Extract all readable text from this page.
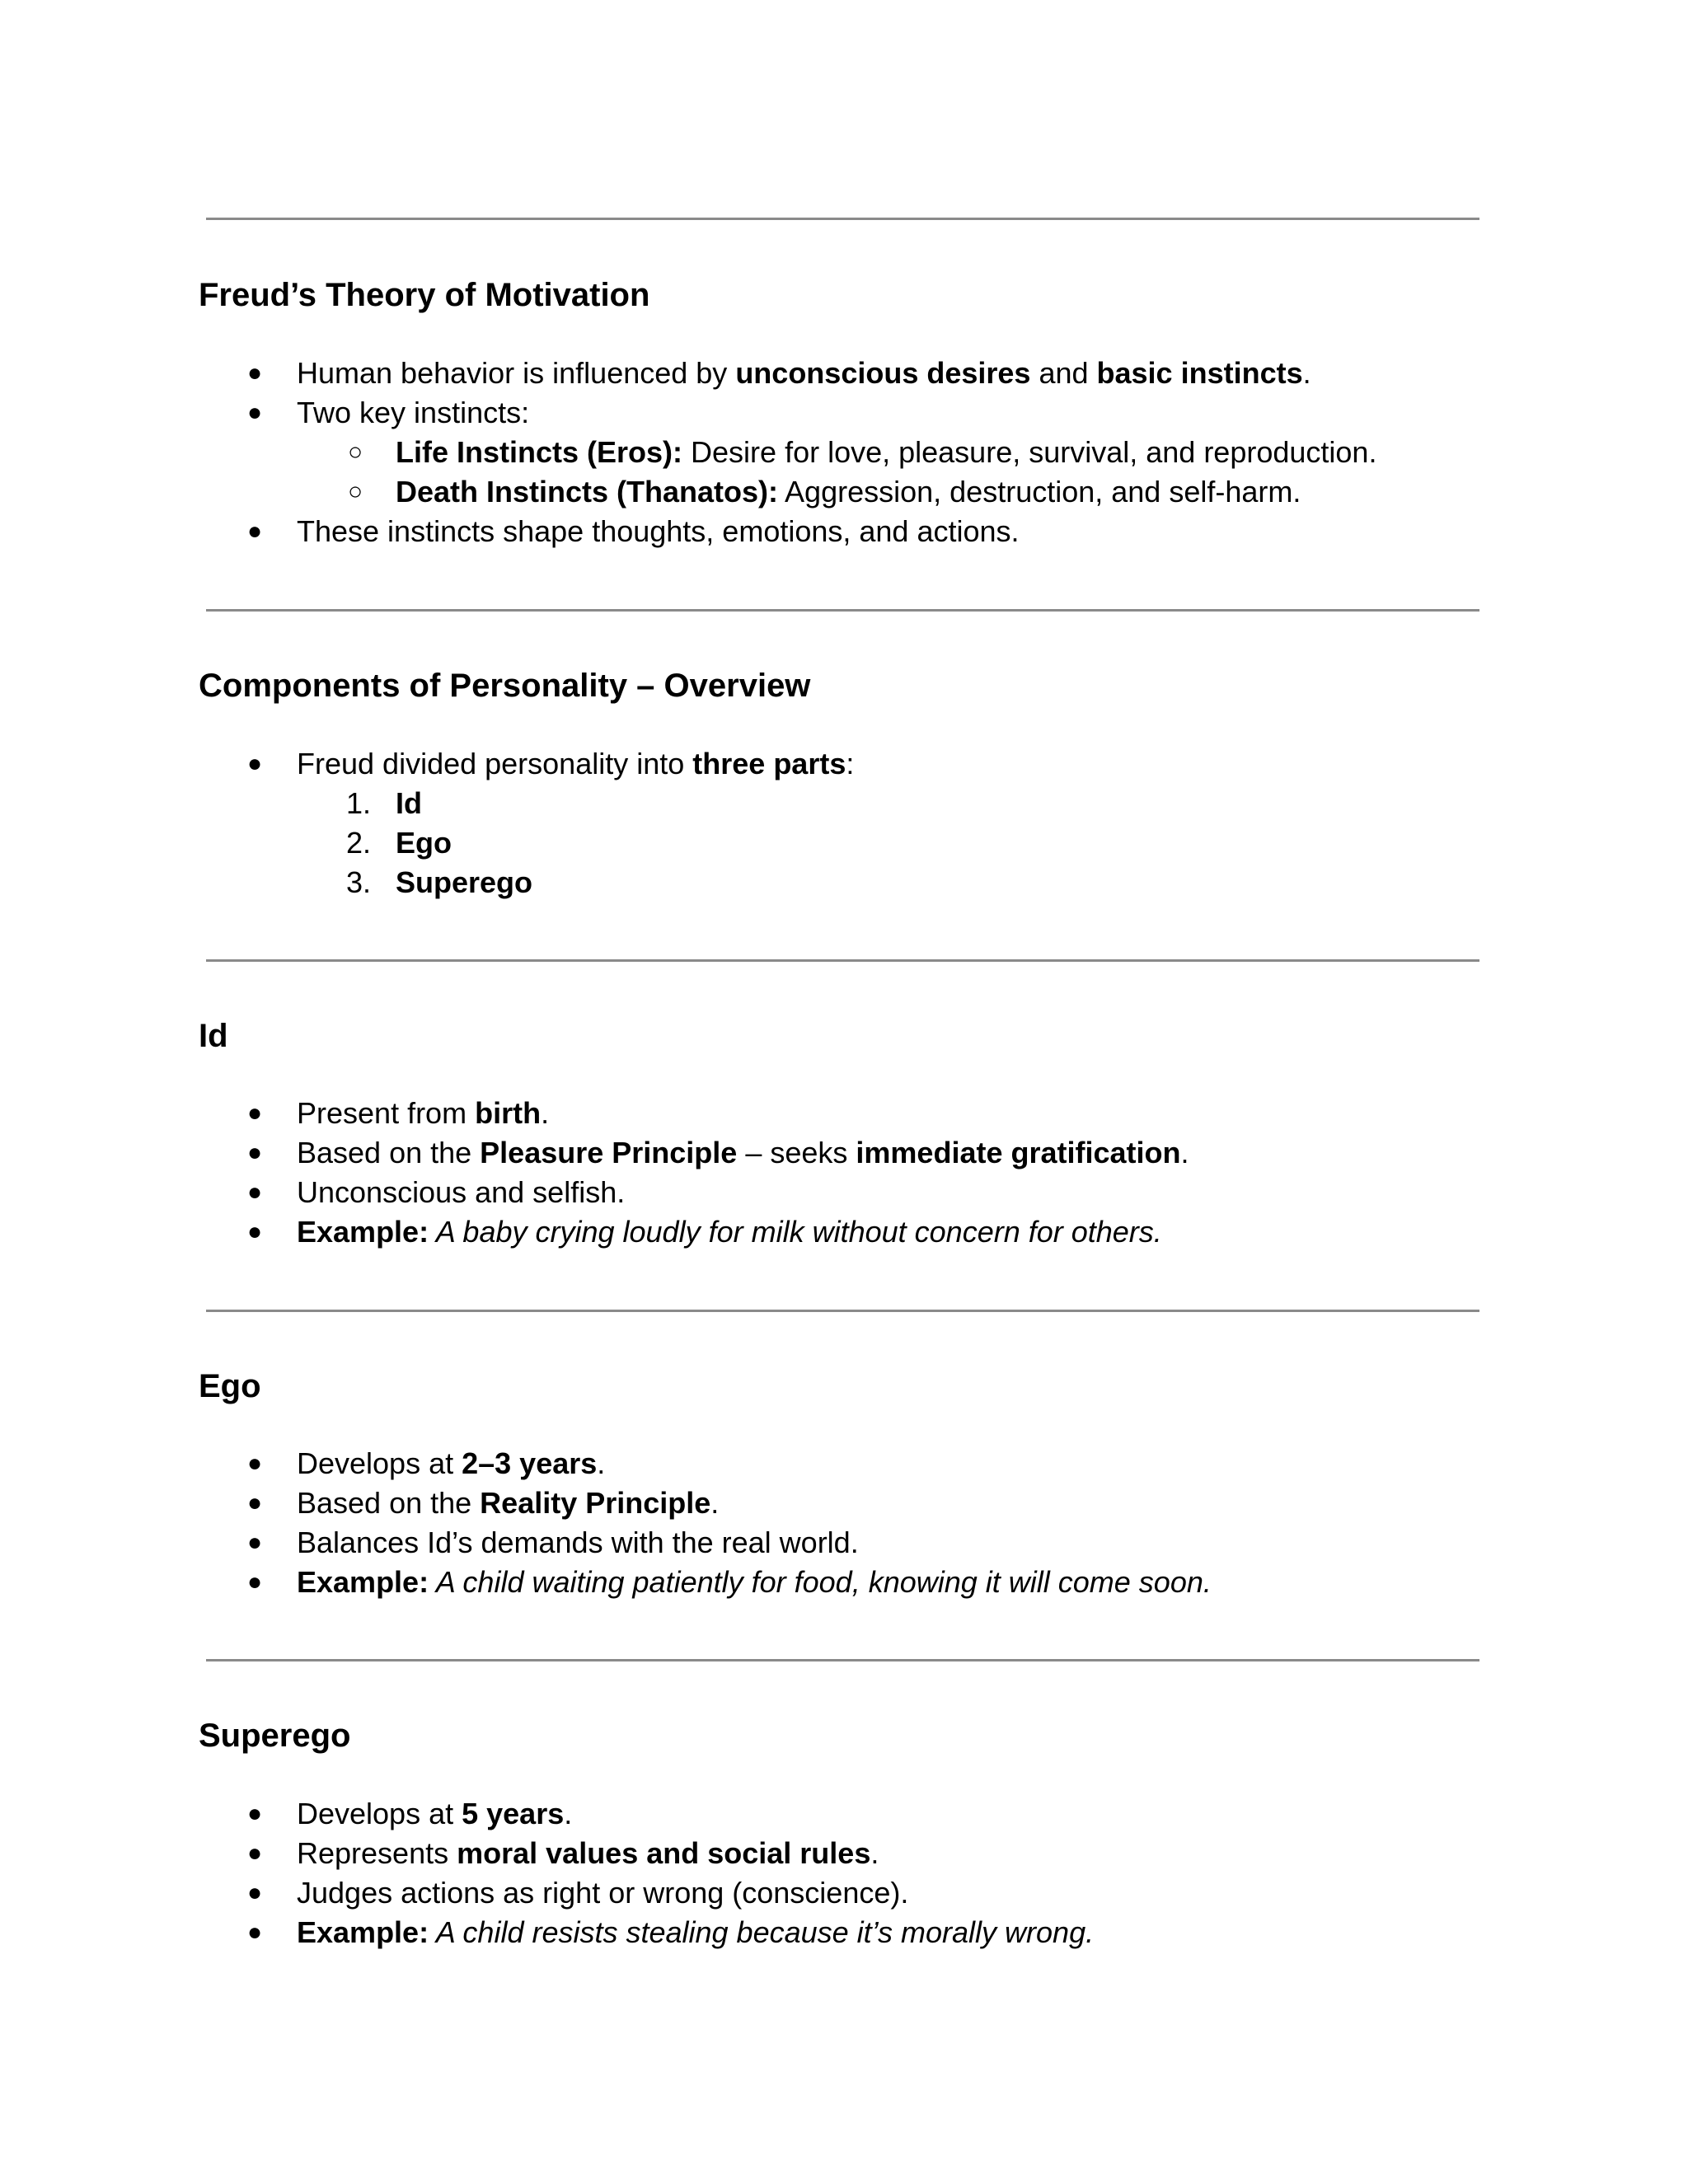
Freud’s Theory of Motivation
● Human behavior is influenced by unconscious desires and basic instincts.
● Two key instincts:
○ Life Instincts (Eros): Desire for love, pleasure, survival, and reproduction.
○ Death Instincts (Thanatos): Aggression, destruction, and self-harm.
● These instincts shape thoughts, emotions, and actions.
Components of Personality – Overview
● Freud divided personality into three parts:
1. Id
2. Ego
3. Superego
Id
● Present from birth.
● Based on the Pleasure Principle – seeks immediate gratification.
● Unconscious and selfish.
● Example: A baby crying loudly for milk without concern for others.
Ego
● Develops at 2–3 years.
● Based on the Reality Principle.
● Balances Id’s demands with the real world.
● Example: A child waiting patiently for food, knowing it will come soon.
Superego
● Develops at 5 years.
● Represents moral values and social rules.
● Judges actions as right or wrong (conscience).
● Example: A child resists stealing because it’s morally wrong.
